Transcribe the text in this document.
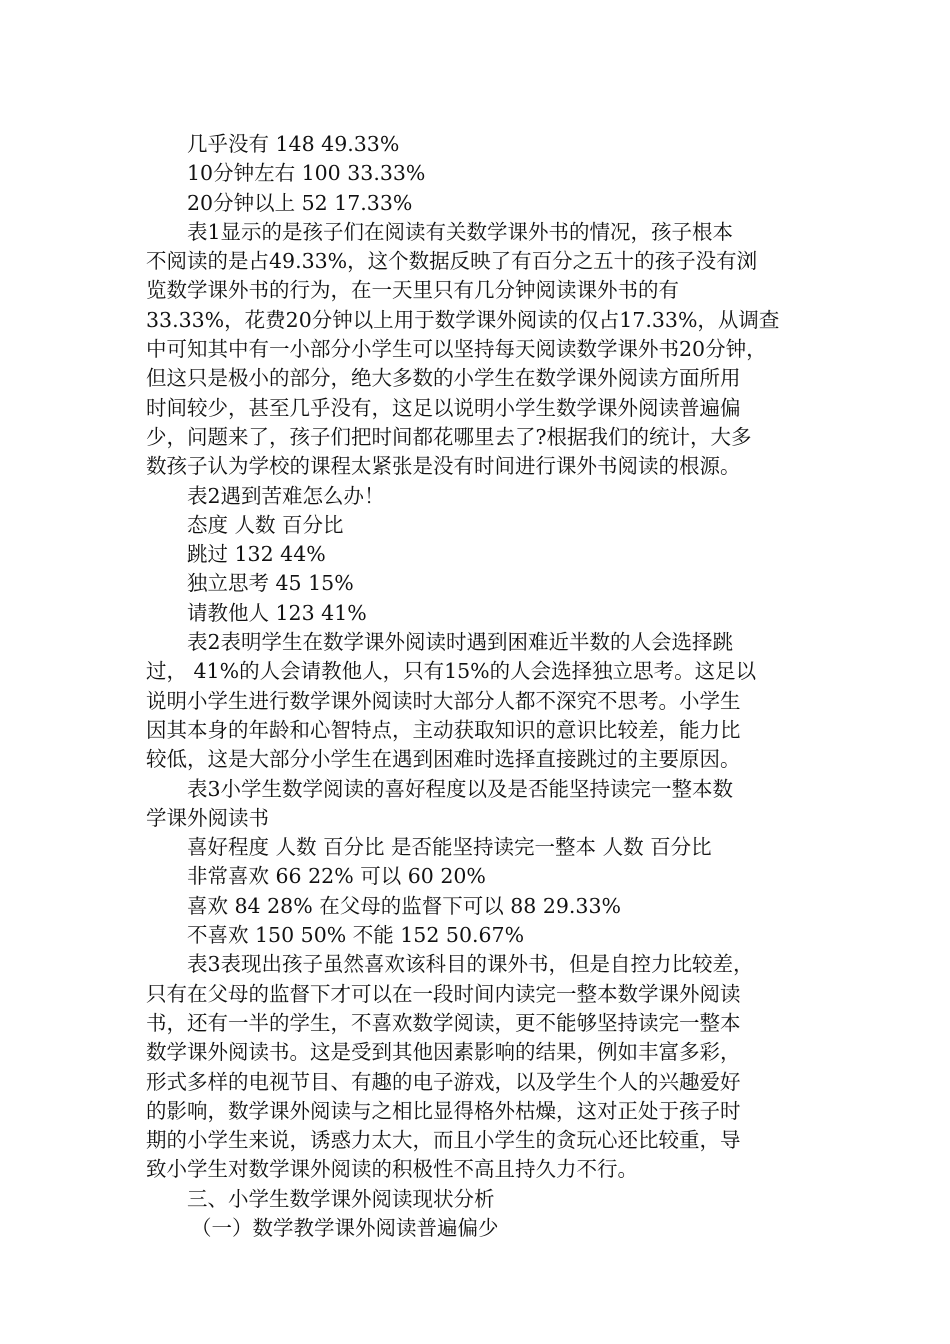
几乎没有 148 49.33%
10分钟左右 100 33.33%
20分钟以上 52 17.33%
表1显示的是孩子们在阅读有关数学课外书的情况，孩子根本
不阅读的是占49.33%，这个数据反映了有百分之五十的孩子没有浏
览数学课外书的行为，在一天里只有几分钟阅读课外书的有
33.33%，花费20分钟以上用于数学课外阅读的仅占17.33%，从调查
中可知其中有一小部分小学生可以坚持每天阅读数学课外书20分钟，
但这只是极小的部分，绝大多数的小学生在数学课外阅读方面所用
时间较少，甚至几乎没有，这足以说明小学生数学课外阅读普遍偏
少，问题来了，孩子们把时间都花哪里去了?根据我们的统计，大多
数孩子认为学校的课程太紧张是没有时间进行课外书阅读的根源。
表2遇到苦难怎么办！
态度 人数 百分比
跳过 132 44%
独立思考 45 15%
请教他人 123 41%
表2表明学生在数学课外阅读时遇到困难近半数的人会选择跳
过， 41%的人会请教他人，只有15%的人会选择独立思考。这足以
说明小学生进行数学课外阅读时大部分人都不深究不思考。小学生
因其本身的年龄和心智特点，主动获取知识的意识比较差，能力比
较低，这是大部分小学生在遇到困难时选择直接跳过的主要原因。
表3小学生数学阅读的喜好程度以及是否能坚持读完一整本数
学课外阅读书
喜好程度 人数 百分比 是否能坚持读完一整本 人数 百分比
非常喜欢 66 22% 可以 60 20%
喜欢 84 28% 在父母的监督下可以 88 29.33%
不喜欢 150 50% 不能 152 50.67%
表3表现出孩子虽然喜欢该科目的课外书，但是自控力比较差，
只有在父母的监督下才可以在一段时间内读完一整本数学课外阅读
书，还有一半的学生，不喜欢数学阅读，更不能够坚持读完一整本
数学课外阅读书。这是受到其他因素影响的结果，例如丰富多彩，
形式多样的电视节目、有趣的电子游戏，以及学生个人的兴趣爱好
的影响，数学课外阅读与之相比显得格外枯燥，这对正处于孩子时
期的小学生来说，诱惑力太大，而且小学生的贪玩心还比较重，导
致小学生对数学课外阅读的积极性不高且持久力不行。
三、小学生数学课外阅读现状分析
（一）数学教学课外阅读普遍偏少
